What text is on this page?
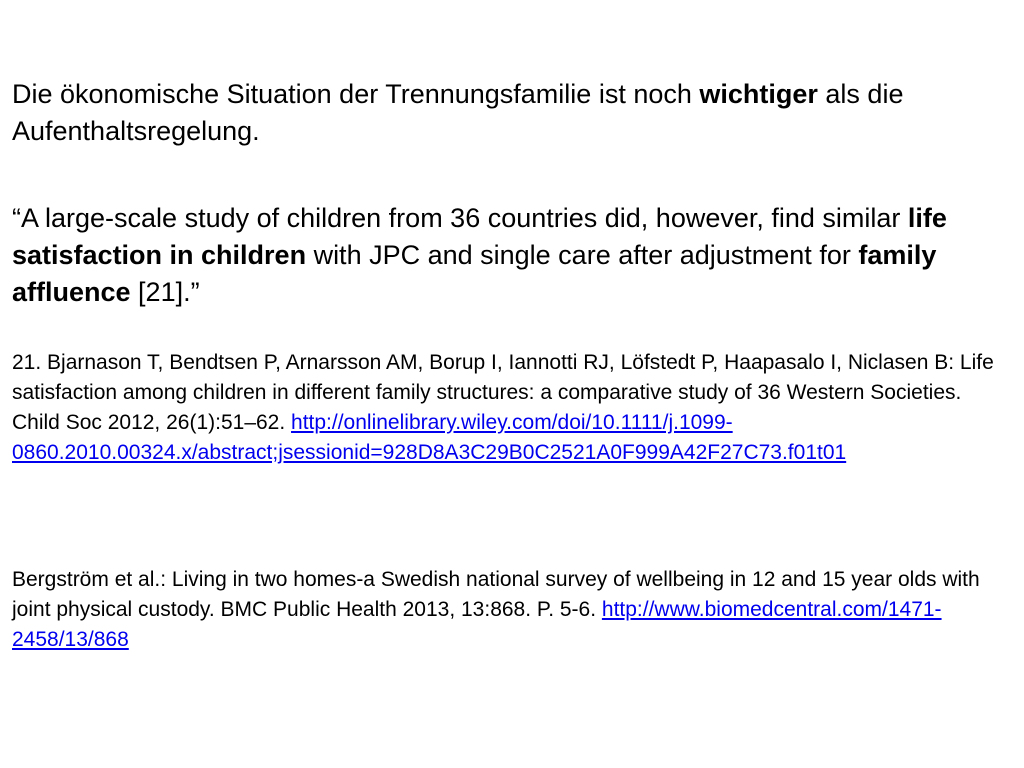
Die ökonomische Situation der Trennungsfamilie ist noch wichtiger als die Aufenthaltsregelung.

“A large-scale study of children from 36 countries did, however, find similar life satisfaction in children with JPC and single care after adjustment for family affluence [21].”

21. Bjarnason T, Bendtsen P, Arnarsson AM, Borup I, Iannotti RJ, Löfstedt P, Haapasalo I, Niclasen B: Life satisfaction among children in different family structures: a comparative study of 36 Western Societies. Child Soc 2012, 26(1):51–62. http://onlinelibrary.wiley.com/doi/10.1111/j.1099-0860.2010.00324.x/abstract;jsessionid=928D8A3C29B0C2521A0F999A42F27C73.f01t01

Bergström et al.: Living in two homes-a Swedish national survey of wellbeing in 12 and 15 year olds with joint physical custody. BMC Public Health 2013, 13:868. P. 5-6. http://www.biomedcentral.com/1471-2458/13/868
